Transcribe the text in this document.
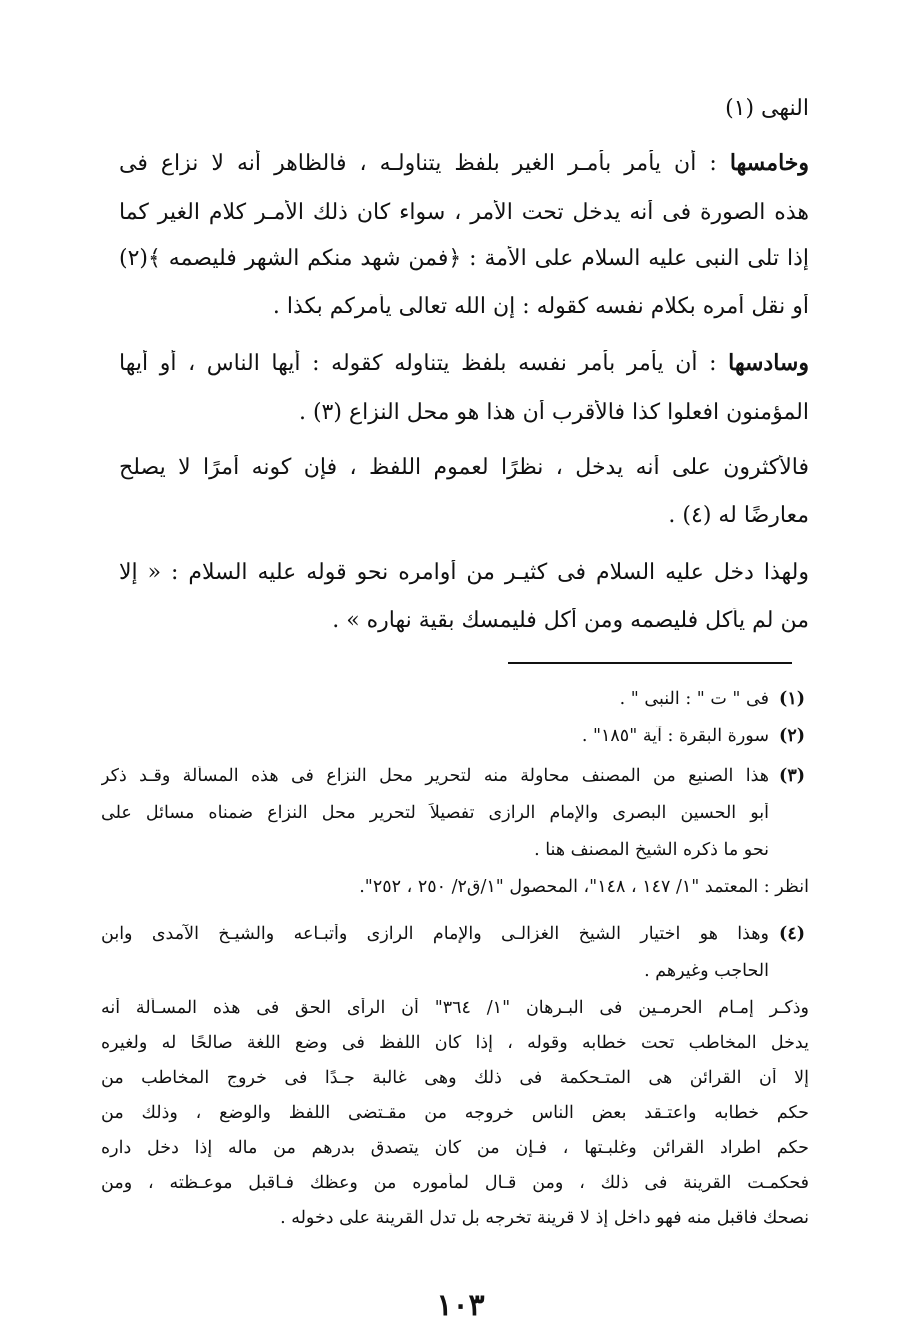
النهى (١)
وخامسها : أن يأمر بأمـر الغير بلفظ يتناولـه ، فالظاهر أنه لا نزاع فى
هذه الصورة فى أنه يدخل تحت الأمر ، سواء كان ذلك الأمـر كلام الغير كما
إذا تلى النبى عليه السلام على الأمة : ﴿فمن شهد منكم الشهر فليصمه ﴾(٢)
أو نقل أمره بكلام نفسه كقوله : إن الله تعالى يأمركم بكذا .
وسادسها : أن يأمر بأمر نفسه بلفظ يتناوله كقوله : أيها الناس ، أو أيها
المؤمنون افعلوا كذا فالأقرب أن هذا هو محل النزاع (٣) .
فالأكثرون على أنه يدخل ، نظرًا لعموم اللفظ ، فإن كونه أمرًا لا يصلح
معارضًا له (٤) .
ولهذا دخل عليه السلام فى كثيـر من أوامره نحو قوله عليه السلام : « إلا
من لم يأكل فليصمه ومن أكل فليمسك بقية نهاره » .
(١)
فى " ت " : النبى " .
(٢)
سورة البقرة : آية "١٨٥" .
(٣)
هذا الصنيع من المصنف محاولة منه لتحرير محل النزاع فى هذه المسألة وقـد ذكر
أبو الحسين البصرى والإمام الرازى تفصيلاً لتحرير محل النزاع ضمناه مسائل على
نحو ما ذكره الشيخ المصنف هنا .
انظر : المعتمد "١/ ١٤٧ ، ١٤٨"، المحصول "١/ق٢/ ٢٥٠ ، ٢٥٢".
(٤)
وهذا هو اختيار الشيخ الغزالـى والإمام الرازى وأتبـاعه والشيـخ الآمدى وابن
الحاجب وغيرهم .
وذكـر إمـام الحرمـين فى البـرهان "١/ ٣٦٤" أن الرأى الحق فى هذه المسـألة أنه
يدخل المخاطب تحت خطابه وقوله ، إذا كان اللفظ فى وضع اللغة صالحًا له ولغيره
إلا أن القرائن هى المتـحكمة فى ذلك وهى غالبة جـدًا فى خروج المخاطب من
حكم خطابه واعتـقد بعض الناس خروجه من مقـتضى اللفظ والوضع ، وذلك من
حكم اطراد القرائن وغلبـتها ، فـإن من كان يتصدق بدرهم من ماله إذا دخل داره
فحكمـت القرينة فى ذلك ، ومن قـال لمأموره من وعظك فـاقبل موعـظته ، ومن
نصحك فاقبل منه فهو داخل إذ لا قرينة تخرجه بل تدل القرينة على دخوله .
١٠٣
